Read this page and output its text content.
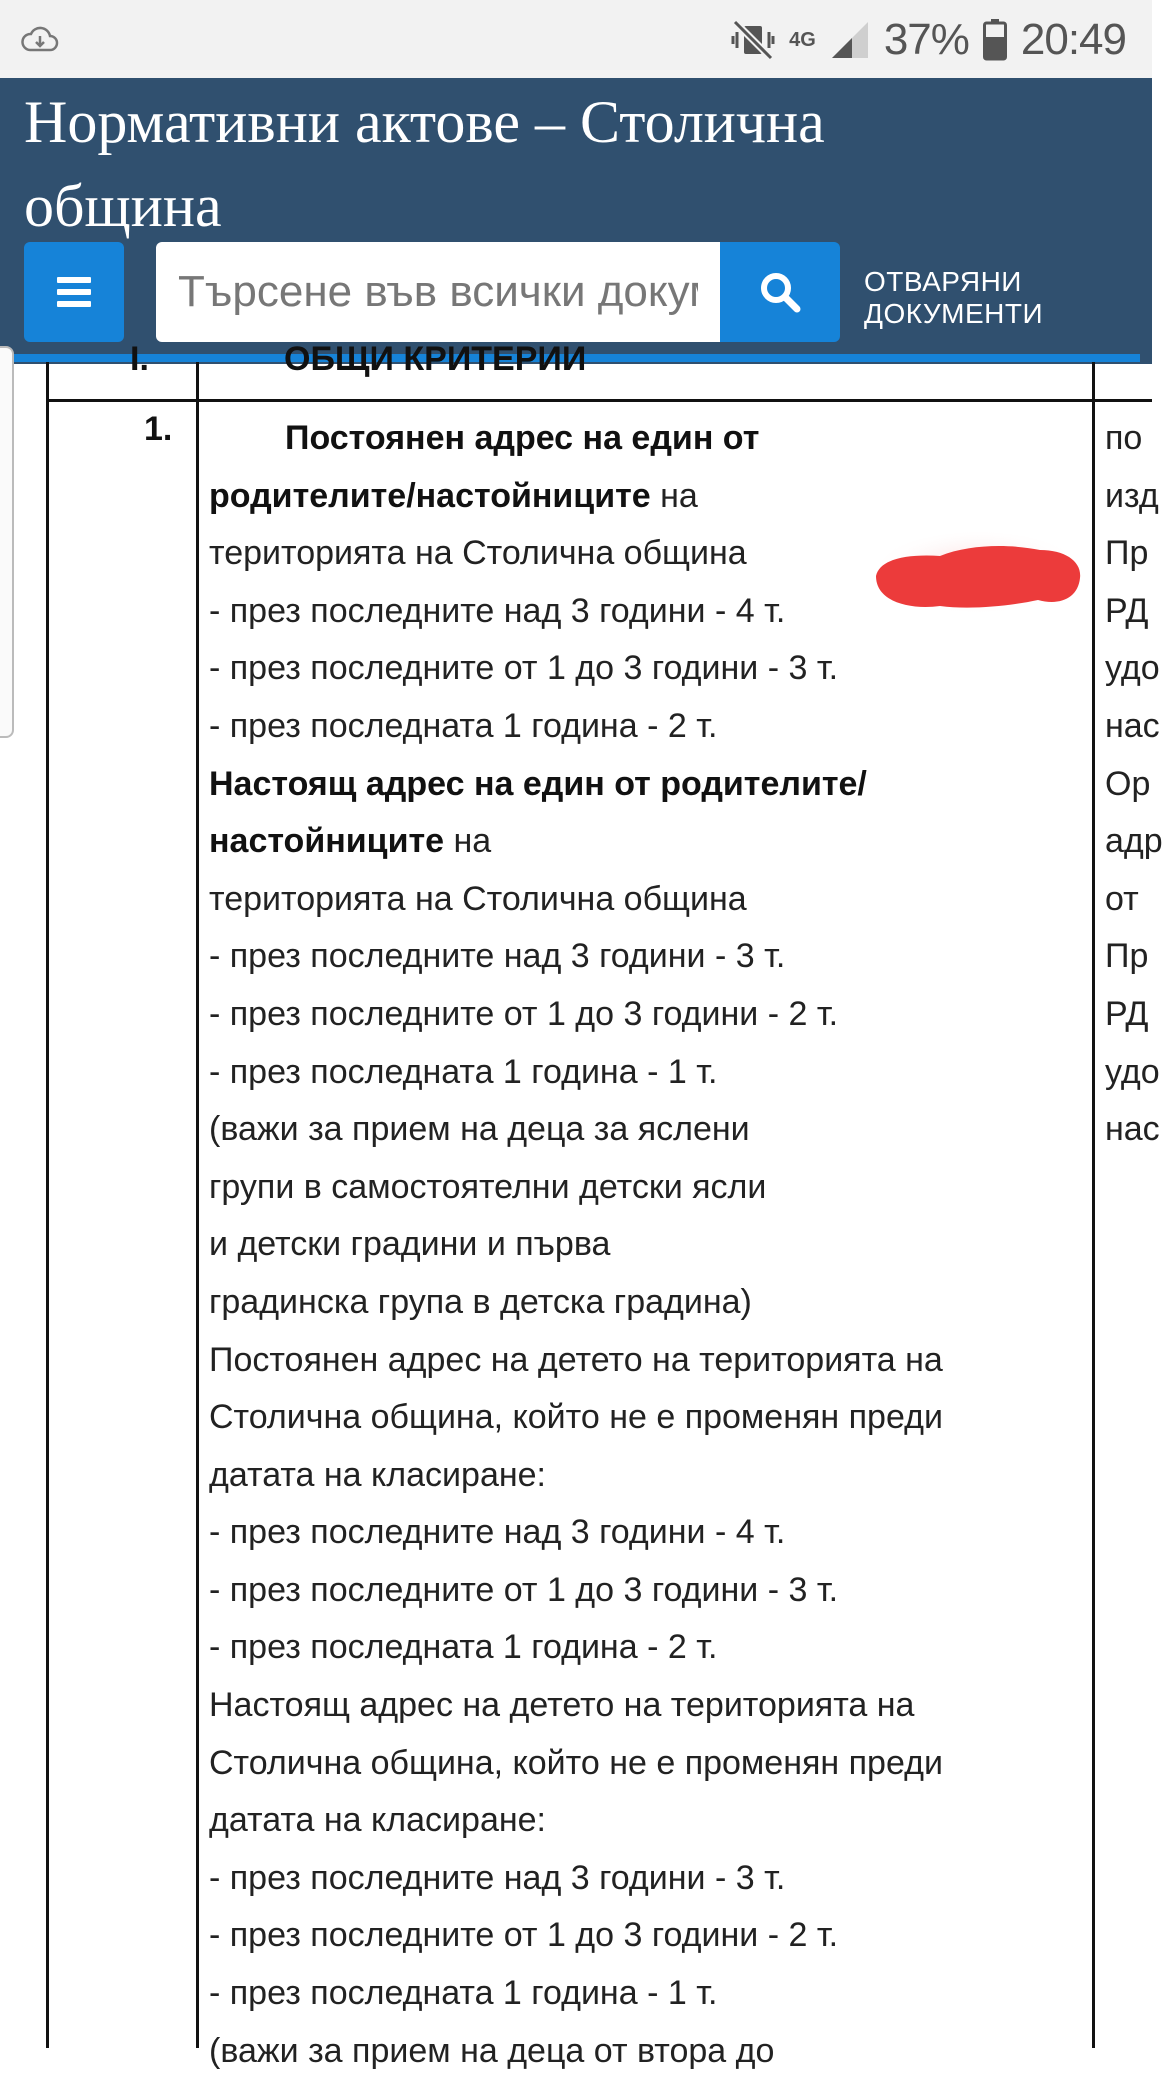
4G 37% 20:49
Нормативни актове – Столична община
Търсене във всички документи
ОТВАРЯНИ
ДОКУМЕНТИ
I.	ОБЩИ КРИТЕРИИ
1.	Постоянен адрес на един от
родителите/настойниците на
територията на Столична община
- през последните над 3 години - 4 т.
- през последните от 1 до 3 години - 3 т.
- през последната 1 година - 2 т.
Настоящ адрес на един от родителите/
настойниците на
територията на Столична община
- през последните над 3 години - 3 т.
- през последните от 1 до 3 години - 2 т.
- през последната 1 година - 1 т.
(важи за прием на деца за яслени
групи в самостоятелни детски ясли
и детски градини и първа
градинска група в детска градина)
Постоянен адрес на детето на територията на
Столична община, който не е променян преди
датата на класиране:
- през последните над 3 години - 4 т.
- през последните от 1 до 3 години - 3 т.
- през последната 1 година - 2 т.
Настоящ адрес на детето на територията на
Столична община, който не е променян преди
датата на класиране:
- през последните над 3 години - 3 т.
- през последните от 1 до 3 години - 2 т.
- през последната 1 година - 1 т.
(важи за прием на деца от втора до
по
изд
Пр
РД
удо
нас
Ор
адр
от
Пр
РД
удо
нас
